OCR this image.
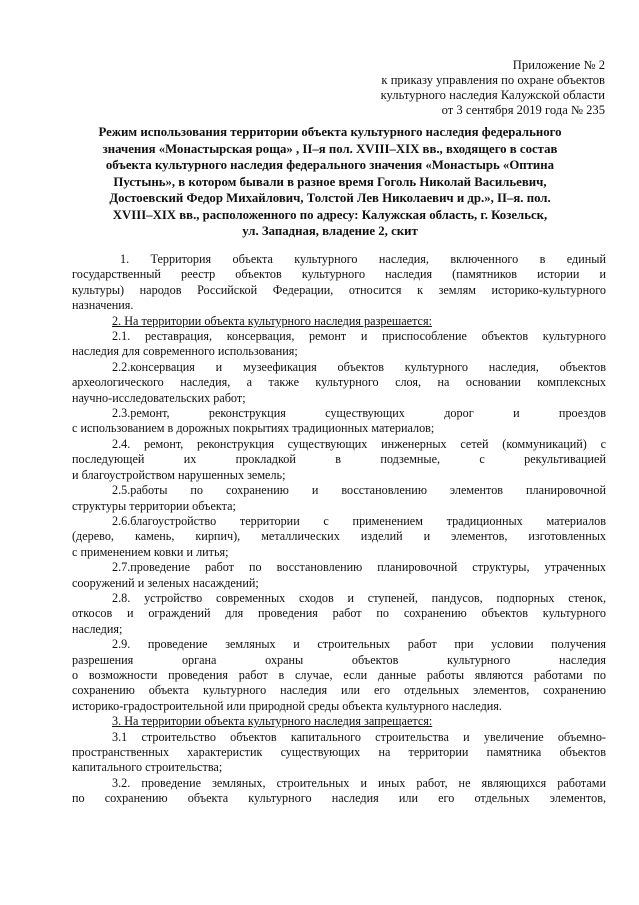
Приложение № 2
к приказу управления по охране объектов
культурного наследия Калужской области
от 3 сентября 2019 года № 235
Режим использования территории объекта культурного наследия федерального
значения «Монастырская роща» , II–я пол. XVIII–XIX вв., входящего в состав
объекта культурного наследия федерального значения «Монастырь «Оптина
Пустынь», в котором бывали в разное время Гоголь Николай Васильевич,
Достоевский Федор Михайлович, Толстой Лев Николаевич и др.», II–я. пол.
XVIII–XIX вв., расположенного по адресу: Калужская область, г. Козельск,
ул. Западная, владение 2, скит
1. Территория объекта культурного наследия, включенного в единый
государственный реестр объектов культурного наследия (памятников истории и
культуры) народов Российской Федерации, относится к землям историко-культурного
назначения.
2. На территории объекта культурного наследия разрешается:
2.1. реставрация, консервация, ремонт и приспособление объектов культурного
наследия для современного использования;
2.2.консервация и музеефикация объектов культурного наследия, объектов
археологического наследия, а также культурного слоя, на основании комплексных
научно-исследовательских работ;
2.3.ремонт, реконструкция существующих дорог и проездов
с использованием в дорожных покрытиях традиционных материалов;
2.4. ремонт, реконструкция существующих инженерных сетей (коммуникаций) с
последующей их прокладкой в подземные, с рекультивацией
и благоустройством нарушенных земель;
2.5.работы по сохранению и восстановлению элементов планировочной
структуры территории объекта;
2.6.благоустройство территории с применением традиционных материалов
(дерево, камень, кирпич), металлических изделий и элементов, изготовленных
с применением ковки и литья;
2.7.проведение работ по восстановлению планировочной структуры, утраченных
сооружений и зеленых насаждений;
2.8. устройство современных сходов и ступеней, пандусов, подпорных стенок,
откосов и ограждений для проведения работ по сохранению объектов культурного
наследия;
2.9. проведение земляных и строительных работ при условии получения
разрешения органа охраны объектов культурного наследия
о возможности проведения работ в случае, если данные работы являются работами по
сохранению объекта культурного наследия или его отдельных элементов, сохранению
историко-градостроительной или природной среды объекта культурного наследия.
3. На территории объекта культурного наследия запрещается:
3.1 строительство объектов капитального строительства и увеличение объемно-
пространственных характеристик существующих на территории памятника объектов
капитального строительства;
3.2. проведение земляных, строительных и иных работ, не являющихся работами
по сохранению объекта культурного наследия или его отдельных элементов,
